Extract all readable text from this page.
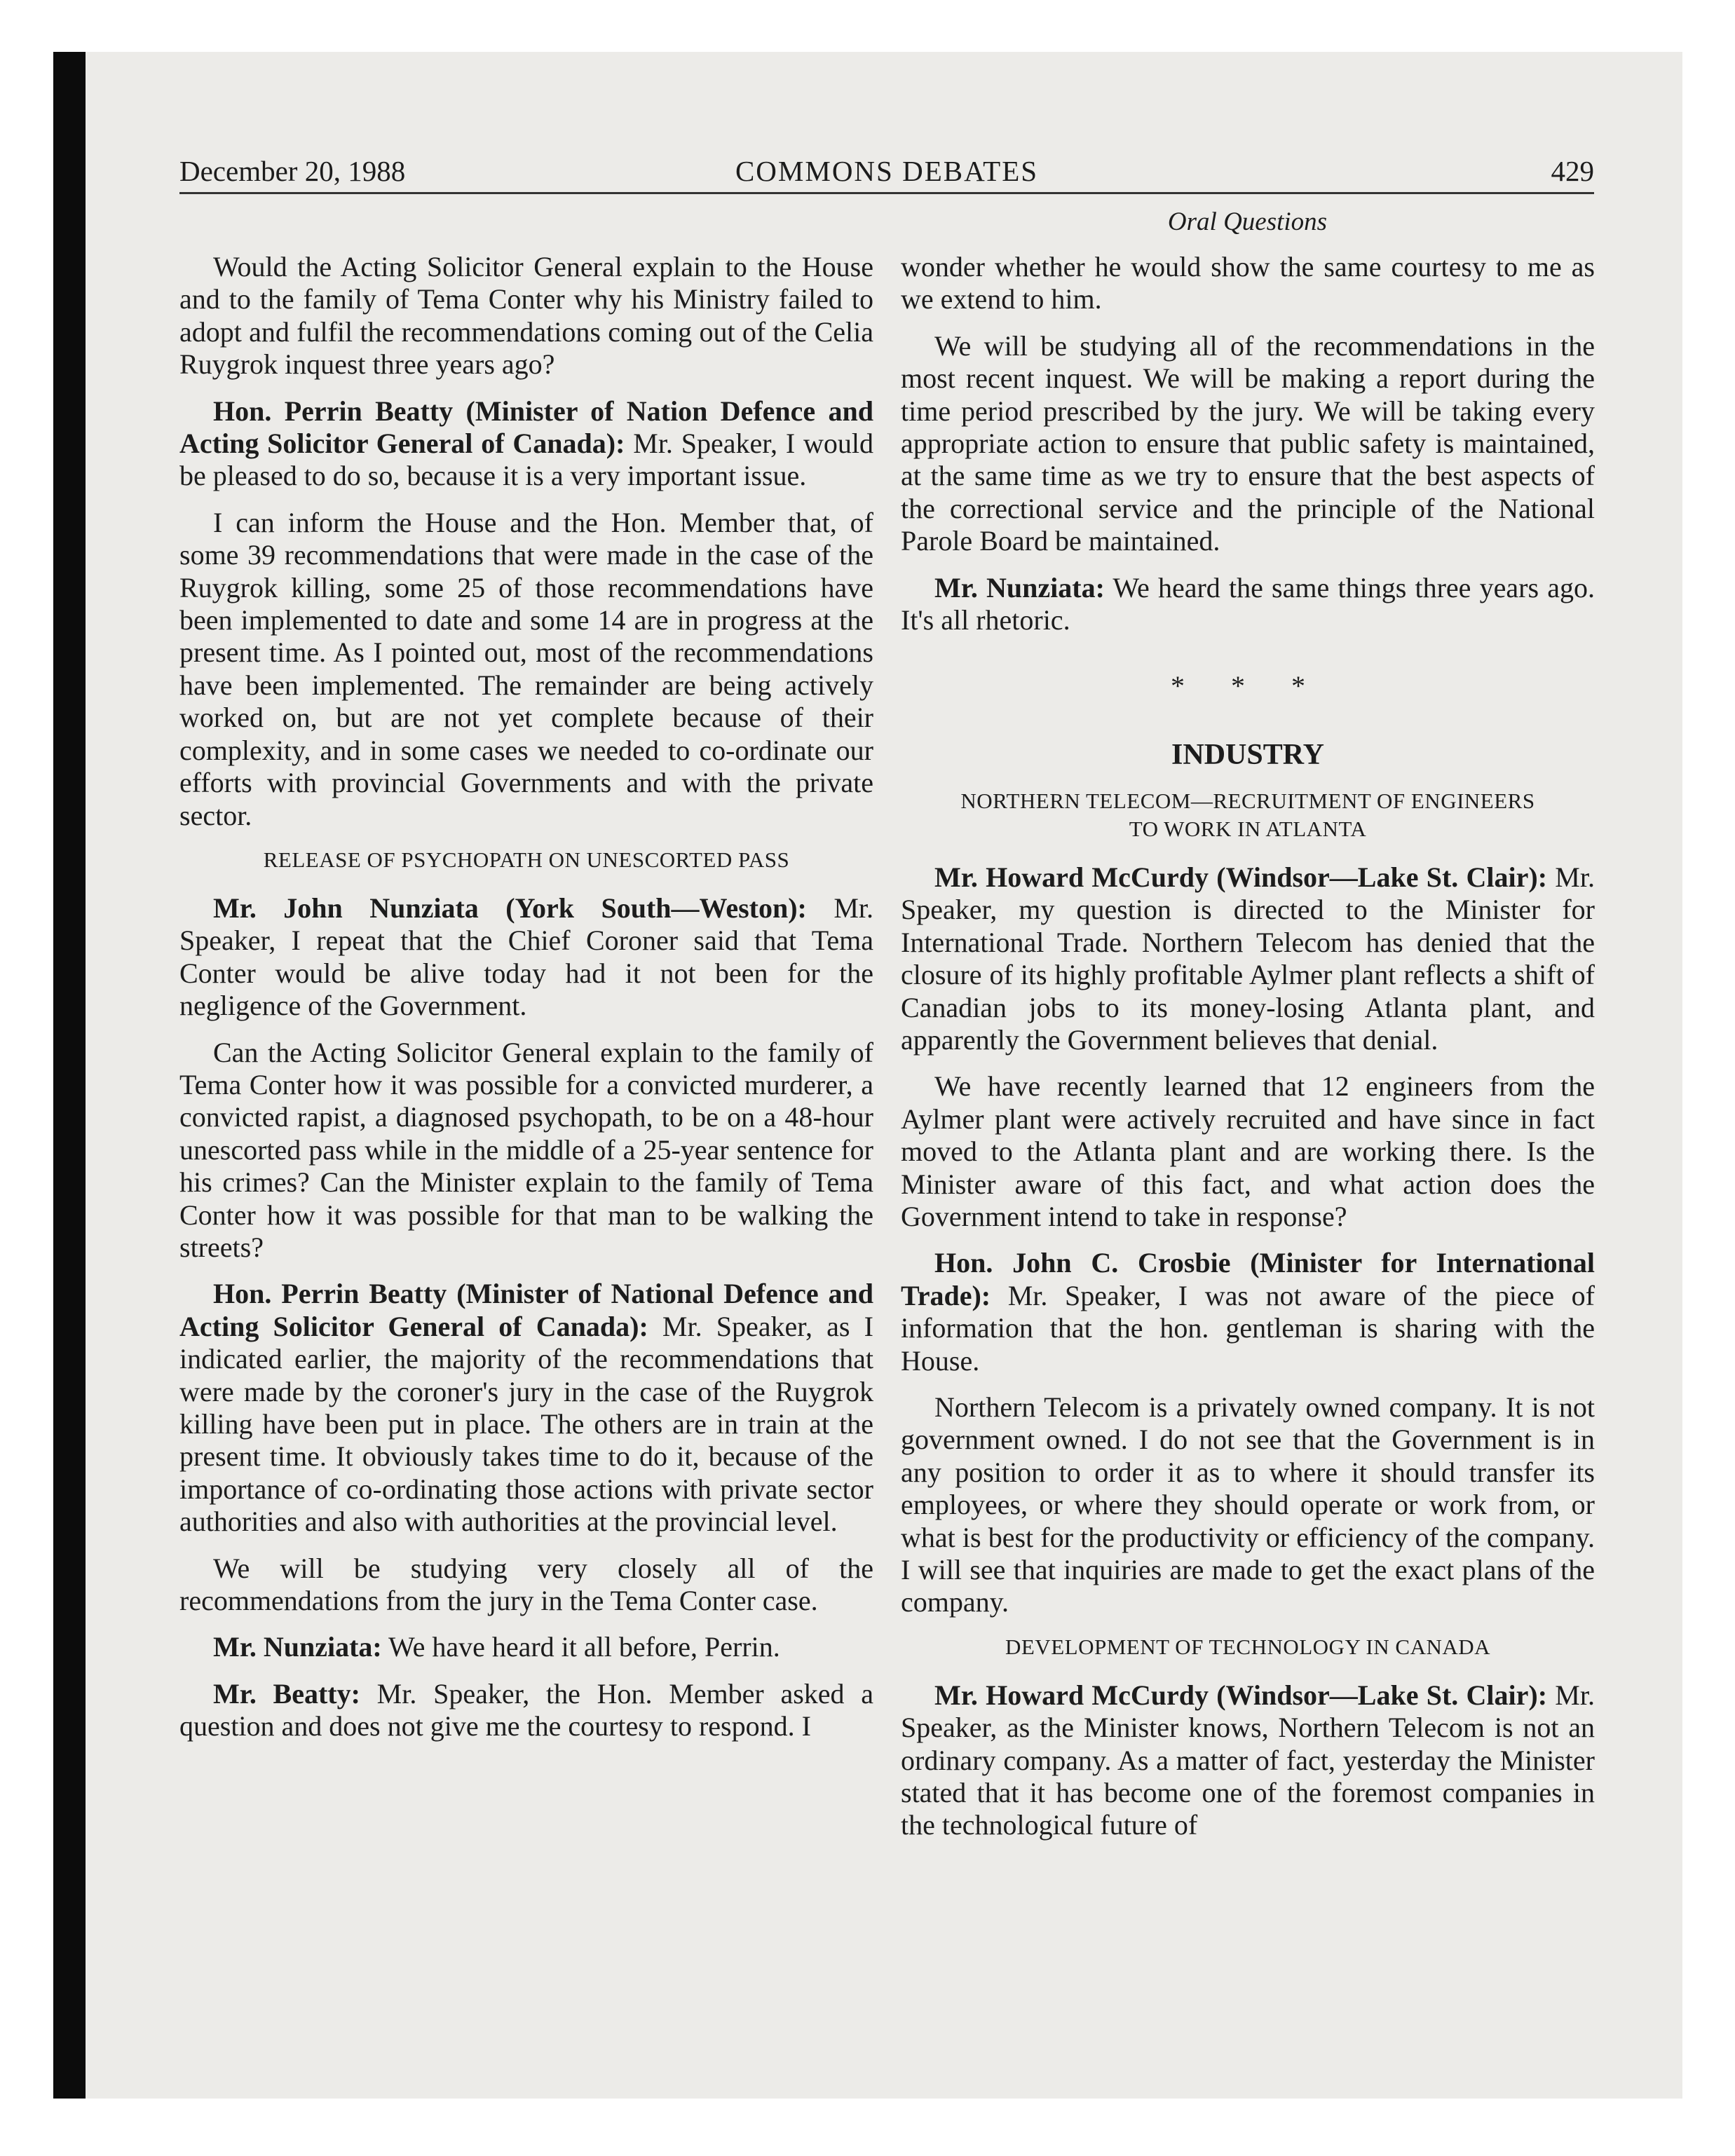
December 20, 1988	COMMONS DEBATES	429
Oral Questions

Would the Acting Solicitor General explain to the House and to the family of Tema Conter why his Ministry failed to adopt and fulfil the recommendations coming out of the Celia Ruygrok inquest three years ago?

Hon. Perrin Beatty (Minister of Nation Defence and Acting Solicitor General of Canada): Mr. Speaker, I would be pleased to do so, because it is a very important issue.

I can inform the House and the Hon. Member that, of some 39 recommendations that were made in the case of the Ruygrok killing, some 25 of those recommendations have been implemented to date and some 14 are in progress at the present time. As I pointed out, most of the recommendations have been implemented. The remainder are being actively worked on, but are not yet complete because of their complexity, and in some cases we needed to co-ordinate our efforts with provincial Governments and with the private sector.

RELEASE OF PSYCHOPATH ON UNESCORTED PASS

Mr. John Nunziata (York South—Weston): Mr. Speaker, I repeat that the Chief Coroner said that Tema Conter would be alive today had it not been for the negligence of the Government.

Can the Acting Solicitor General explain to the family of Tema Conter how it was possible for a convicted murderer, a convicted rapist, a diagnosed psychopath, to be on a 48-hour unescorted pass while in the middle of a 25-year sentence for his crimes? Can the Minister explain to the family of Tema Conter how it was possible for that man to be walking the streets?

Hon. Perrin Beatty (Minister of National Defence and Acting Solicitor General of Canada): Mr. Speaker, as I indicated earlier, the majority of the recommendations that were made by the coroner's jury in the case of the Ruygrok killing have been put in place. The others are in train at the present time. It obviously takes time to do it, because of the importance of co-ordinating those actions with private sector authorities and also with authorities at the provincial level.

We will be studying very closely all of the recommendations from the jury in the Tema Conter case.

Mr. Nunziata: We have heard it all before, Perrin.

Mr. Beatty: Mr. Speaker, the Hon. Member asked a question and does not give me the courtesy to respond. I

wonder whether he would show the same courtesy to me as we extend to him.

We will be studying all of the recommendations in the most recent inquest. We will be making a report during the time period prescribed by the jury. We will be taking every appropriate action to ensure that public safety is maintained, at the same time as we try to ensure that the best aspects of the correctional service and the principle of the National Parole Board be maintained.

Mr. Nunziata: We heard the same things three years ago. It's all rhetoric.

* * *
INDUSTRY
NORTHERN TELECOM—RECRUITMENT OF ENGINEERS
TO WORK IN ATLANTA

Mr. Howard McCurdy (Windsor—Lake St. Clair): Mr. Speaker, my question is directed to the Minister for International Trade. Northern Telecom has denied that the closure of its highly profitable Aylmer plant reflects a shift of Canadian jobs to its money-losing Atlanta plant, and apparently the Government believes that denial.

We have recently learned that 12 engineers from the Aylmer plant were actively recruited and have since in fact moved to the Atlanta plant and are working there. Is the Minister aware of this fact, and what action does the Government intend to take in response?

Hon. John C. Crosbie (Minister for International Trade): Mr. Speaker, I was not aware of the piece of information that the hon. gentleman is sharing with the House.

Northern Telecom is a privately owned company. It is not government owned. I do not see that the Government is in any position to order it as to where it should transfer its employees, or where they should operate or work from, or what is best for the productivity or efficiency of the company. I will see that inquiries are made to get the exact plans of the company.

DEVELOPMENT OF TECHNOLOGY IN CANADA

Mr. Howard McCurdy (Windsor—Lake St. Clair): Mr. Speaker, as the Minister knows, Northern Telecom is not an ordinary company. As a matter of fact, yesterday the Minister stated that it has become one of the foremost companies in the technological future of
